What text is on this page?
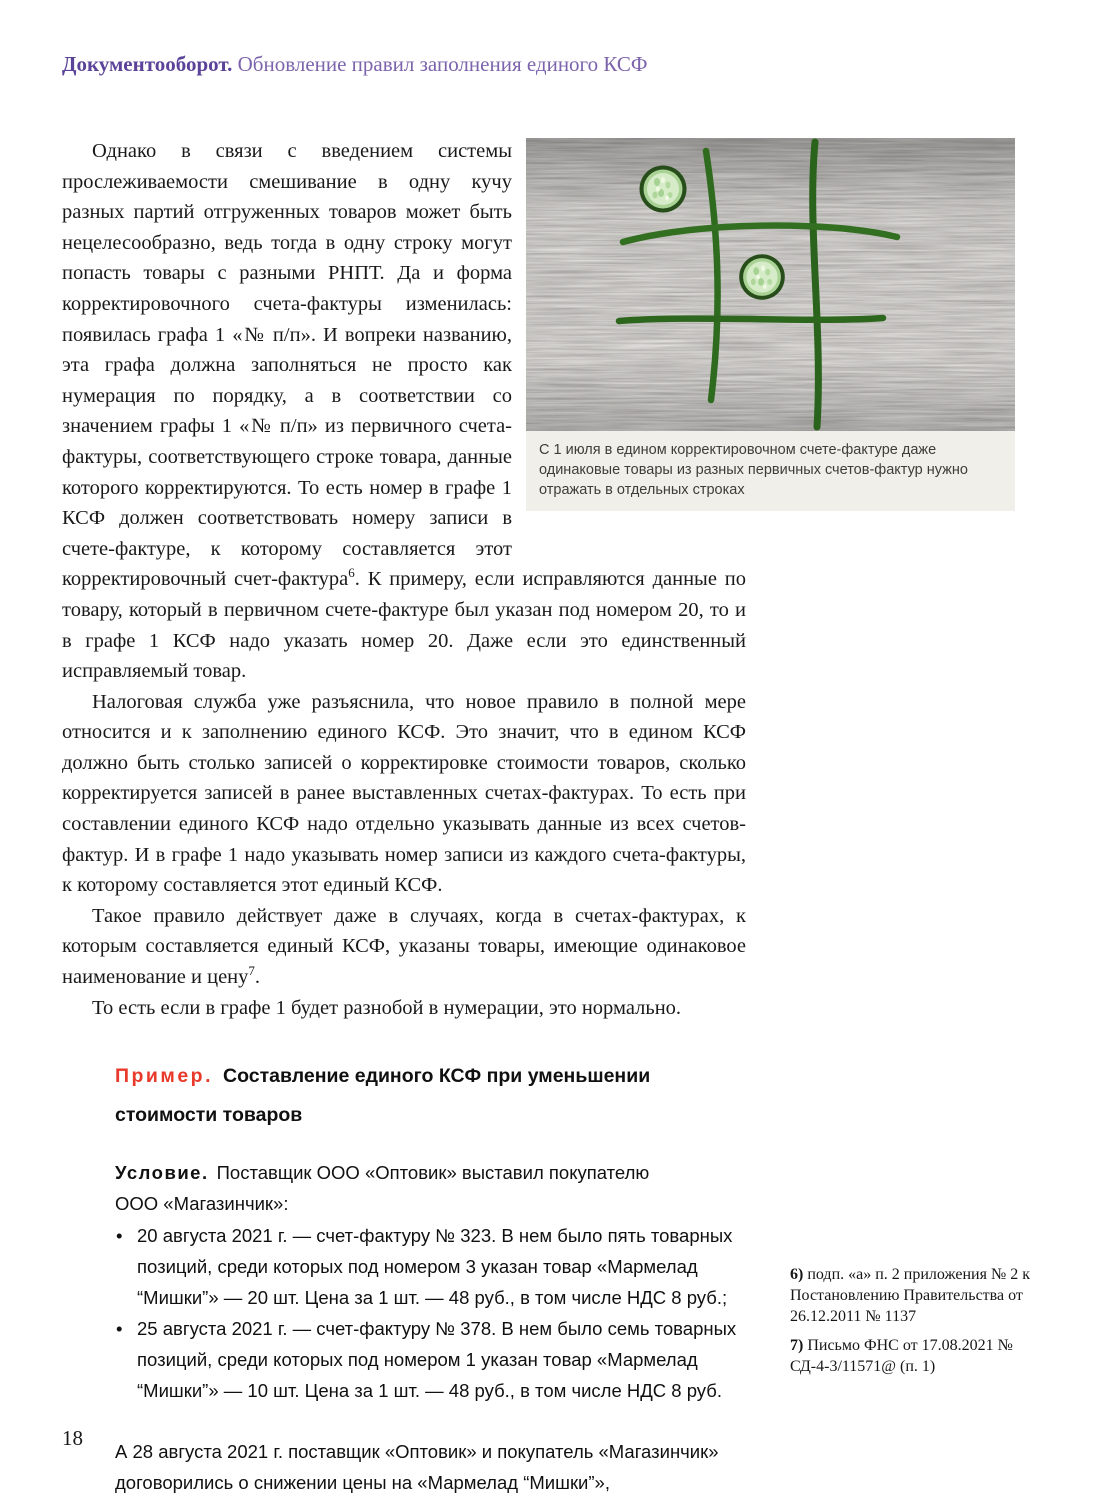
Документооборот. Обновление правил заполнения единого КСФ
С 1 июля в едином корректировочном счете-фактуре даже одинаковые товары из разных первичных счетов-фактур нужно отражать в отдельных строках

Однако в связи с введением системы прослеживаемости смешивание в одну кучу разных партий отгруженных товаров может быть нецелесообразно, ведь тогда в одну строку могут попасть товары с разными РНПТ. Да и форма корректировочного счета-фактуры изменилась: появилась графа 1 «№ п/п». И вопреки названию, эта графа должна заполняться не просто как нумерация по порядку, а в соответствии со значением графы 1 «№ п/п» из первичного счета-фактуры, соответствующего строке товара, данные которого корректируются. То есть номер в графе 1 КСФ должен соответствовать номеру записи в счете-фактуре, к которому составляется этот корректировочный счет-фактура$^6$. К примеру, если исправляются данные по товару, который в первичном счете-фактуре был указан под номером 20, то и в графе 1 КСФ надо указать номер 20. Даже если это единственный исправляемый товар.

Налоговая служба уже разъяснила, что новое правило в полной мере относится и к заполнению единого КСФ. Это значит, что в едином КСФ должно быть столько записей о корректировке стоимости товаров, сколько корректируется записей в ранее выставленных счетах-фактурах. То есть при составлении единого КСФ надо отдельно указывать данные из всех счетов-фактур. И в графе 1 надо указывать номер записи из каждого счета-фактуры, к которому составляется этот единый КСФ.

Такое правило действует даже в случаях, когда в счетах-фактурах, к которым составляется единый КСФ, указаны товары, имеющие одинаковое наименование и цену$^7$.

То есть если в графе 1 будет разнобой в нумерации, это нормально.

Пример. Составление единого КСФ при уменьшении стоимости товаров

Условие. Поставщик ООО «Оптовик» выставил покупателю ООО «Магазинчик»:

• 20 августа 2021 г. — счет-фактуру № 323. В нем было пять товарных позиций, среди которых под номером 3 указан товар «Мармелад “Мишки”» — 20 шт. Цена за 1 шт. — 48 руб., в том числе НДС 8 руб.;
• 25 августа 2021 г. — счет-фактуру № 378. В нем было семь товарных позиций, среди которых под номером 1 указан товар «Мармелад “Мишки”» — 10 шт. Цена за 1 шт. — 48 руб., в том числе НДС 8 руб.

А 28 августа 2021 г. поставщик «Оптовик» и покупатель «Магазинчик» договорились о снижении цены на «Мармелад “Мишки”»,

6) подп. «а» п. 2 приложения № 2 к Постановлению Правительства от 26.12.2011 № 1137
7) Письмо ФНС от 17.08.2021 № СД-4-3/11571@ (п. 1)
18
